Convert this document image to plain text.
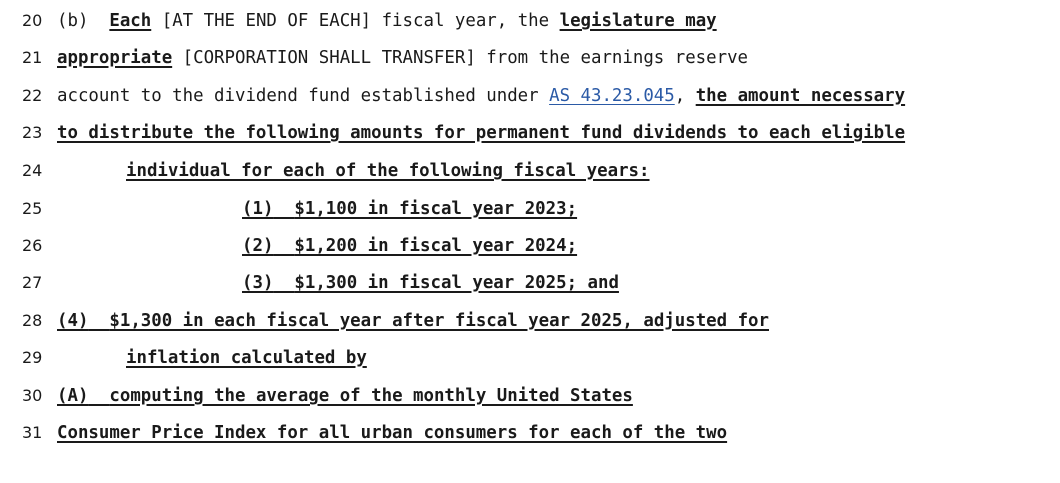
20 (b)  Each [AT THE END OF EACH] fiscal year, the legislature may
21 appropriate [CORPORATION SHALL TRANSFER] from the earnings reserve
22 account to the dividend fund established under AS 43.23.045, the amount necessary
23 to distribute the following amounts for permanent fund dividends to each eligible
24	individual for each of the following fiscal years:
25	(1) $1,100 in fiscal year 2023;
26	(2) $1,200 in fiscal year 2024;
27	(3) $1,300 in fiscal year 2025; and
28 (4) $1,300 in each fiscal year after fiscal year 2025, adjusted for
29	inflation calculated by
30 (A) computing the average of the monthly United States
31 Consumer Price Index for all urban consumers for each of the two
